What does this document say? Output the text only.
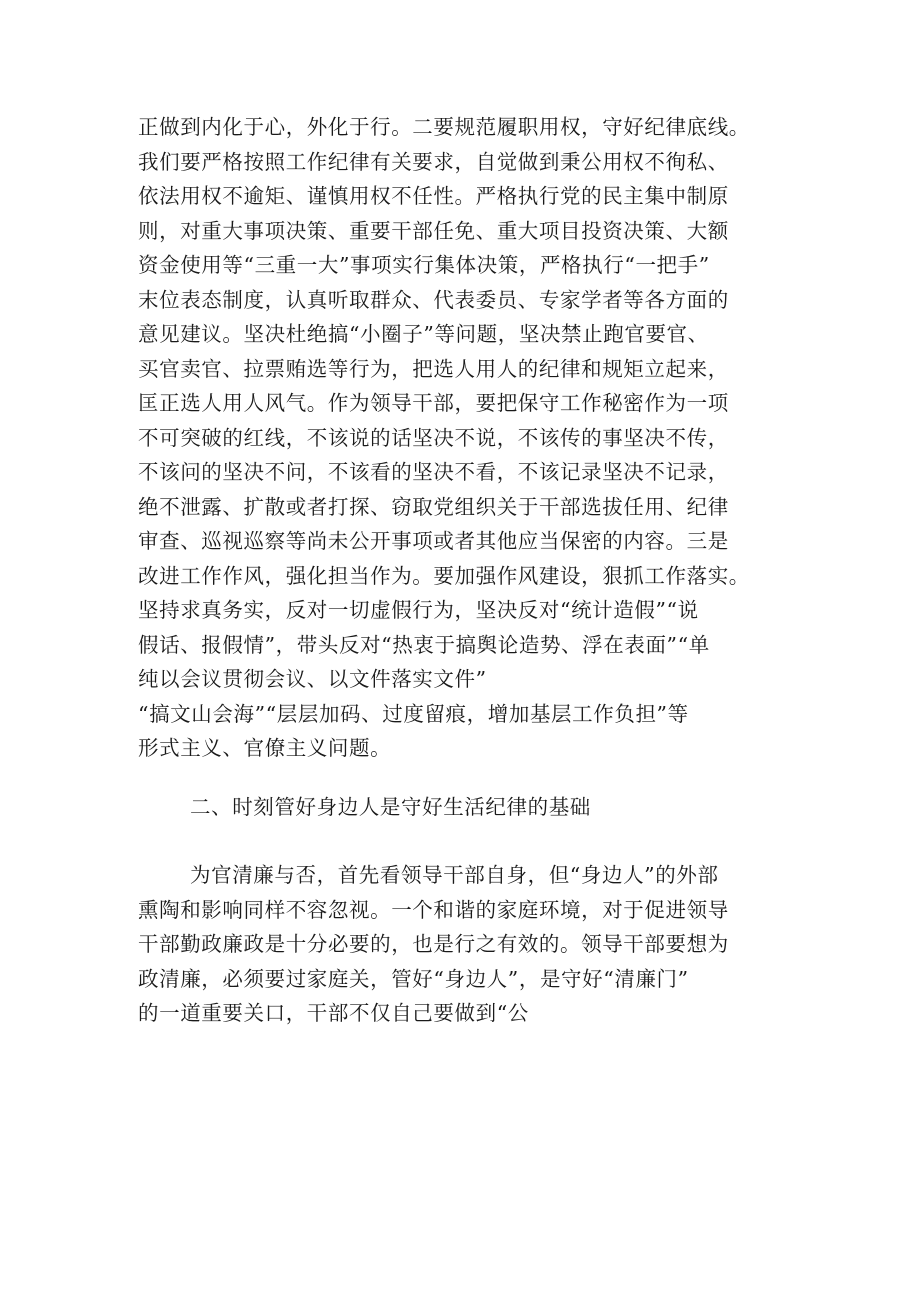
正做到内化于心，外化于行。二要规范履职用权，守好纪律底线。
我们要严格按照工作纪律有关要求，自觉做到秉公用权不徇私、
依法用权不逾矩、谨慎用权不任性。严格执行党的民主集中制原
则，对重大事项决策、重要干部任免、重大项目投资决策、大额
资金使用等“三重一大”事项实行集体决策，严格执行“一把手”
末位表态制度，认真听取群众、代表委员、专家学者等各方面的
意见建议。坚决杜绝搞“小圈子”等问题，坚决禁止跑官要官、
买官卖官、拉票贿选等行为，把选人用人的纪律和规矩立起来，
匡正选人用人风气。作为领导干部，要把保守工作秘密作为一项
不可突破的红线，不该说的话坚决不说，不该传的事坚决不传，
不该问的坚决不问，不该看的坚决不看，不该记录坚决不记录，
绝不泄露、扩散或者打探、窃取党组织关于干部选拔任用、纪律
审查、巡视巡察等尚未公开事项或者其他应当保密的内容。三是
改进工作作风，强化担当作为。要加强作风建设，狠抓工作落实。
坚持求真务实，反对一切虚假行为，坚决反对“统计造假”“说
假话、报假情”，带头反对“热衷于搞舆论造势、浮在表面”“单
纯以会议贯彻会议、以文件落实文件”
“搞文山会海”“层层加码、过度留痕，增加基层工作负担”等
形式主义、官僚主义问题。
二、时刻管好身边人是守好生活纪律的基础
为官清廉与否，首先看领导干部自身，但“身边人”的外部
熏陶和影响同样不容忽视。一个和谐的家庭环境，对于促进领导
干部勤政廉政是十分必要的，也是行之有效的。领导干部要想为
政清廉，必须要过家庭关，管好“身边人”，是守好“清廉门”
的一道重要关口，干部不仅自己要做到“公
